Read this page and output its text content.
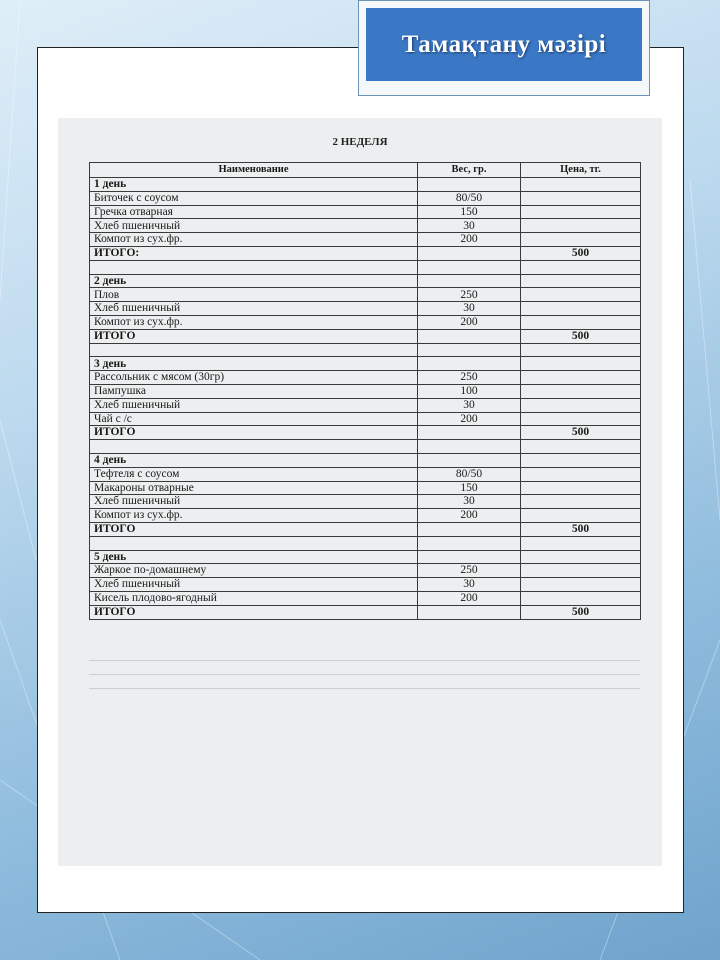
Тамақтану мәзірі
2 НЕДЕЛЯ
Наименование	Вес, гр.	Цена, тг.
1 день		
Биточек с соусом	80/50	
Гречка отварная	150	
Хлеб пшеничный	30	
Компот из сух.фр.	200	
ИТОГО:		500

2 день		
Плов	250	
Хлеб пшеничный	30	
Компот из сух.фр.	200	
ИТОГО		500

3 день		
Рассольник с мясом (30гр)	250	
Пампушка	100	
Хлеб пшеничный	30	
Чай с /с	200	
ИТОГО		500

4 день		
Тефтеля с соусом	80/50	
Макароны отварные	150	
Хлеб пшеничный	30	
Компот из сух.фр.	200	
ИТОГО		500

5 день		
Жаркое по-домашнему	250	
Хлеб пшеничный	30	
Кисель плодово-ягодный	200	
ИТОГО		500
